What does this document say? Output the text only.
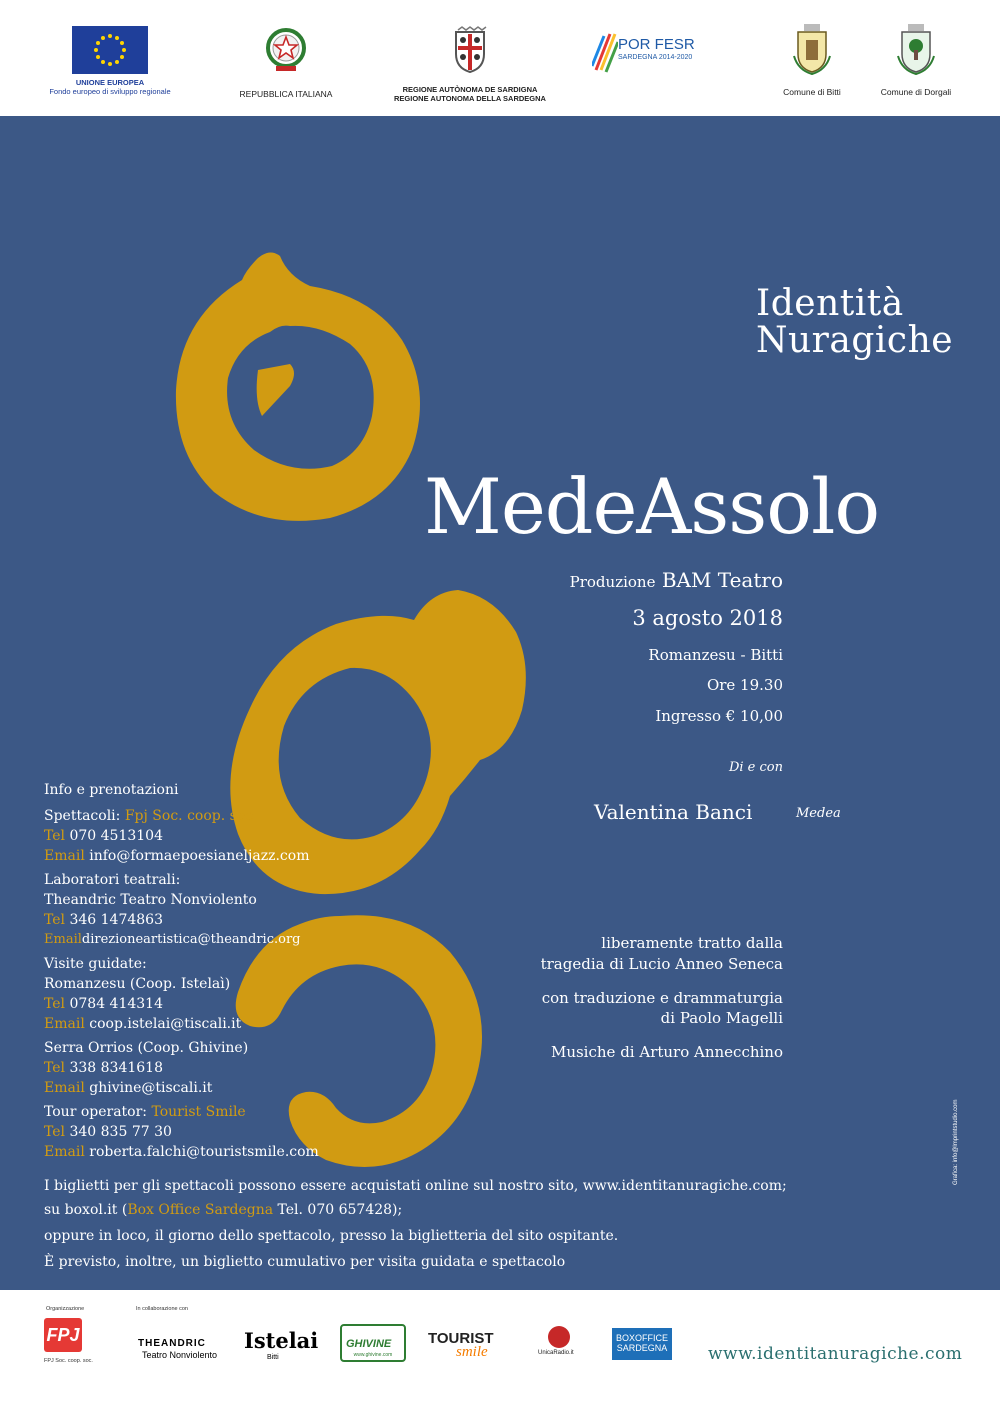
UNIONE EUROPEA
Fondo europeo di sviluppo regionale	REPUBBLICA ITALIANA	REGIONE AUTÒNOMA DE SARDIGNA
REGIONE AUTONOMA DELLA SARDEGNA
POR FESR
SARDEGNA 2014-2020
Comune di Bitti	Comune di Dorgali
Identità
Nuragiche
MedeAssolo
Produzione BAM Teatro
3 agosto 2018
Romanzesu - Bitti
Ore 19.30
Ingresso € 10,00
Di e con
Valentina Banci	Medea
liberamente tratto dalla
tragedia di Lucio Anneo Seneca
con traduzione e drammaturgia
di Paolo Magelli
Musiche di Arturo Annecchino
Info e prenotazioni
Spettacoli: Fpj Soc. coop. soc.
Tel 070 4513104
Email info@formaepoesianeljazz.com
Laboratori teatrali:
Theandric Teatro Nonviolento
Tel 346 1474863
Emaildirezioneartistica@theandric.org
Visite guidate:
Romanzesu (Coop. Istelaì)
Tel 0784 414314
Email coop.istelai@tiscali.it
Serra Orrios (Coop. Ghivine)
Tel 338 8341618
Email ghivine@tiscali.it
Tour operator: Tourist Smile
Tel 340 835 77 30
Email roberta.falchi@touristsmile.com
I biglietti per gli spettacoli possono essere acquistati online sul nostro sito, www.identitanuragiche.com;
su boxol.it (Box Office Sardegna Tel. 070 657428);
oppure in loco, il giorno dello spettacolo, presso la biglietteria del sito ospitante.
È previsto, inoltre, un biglietto cumulativo per visita guidata e spettacolo
Grafica: info@lmprintstudio.com
Organizzazione	In collaborazione con
FPJ
FPJ Soc. coop. soc.
THEANDRIC
Teatro Nonviolento
Istelai
Bitti
GHIVINE
www.ghivine.com
TOURIST
smile	UnicaRadio.it
BOXOFFICE
SARDEGNA www.identitanuragiche.com
